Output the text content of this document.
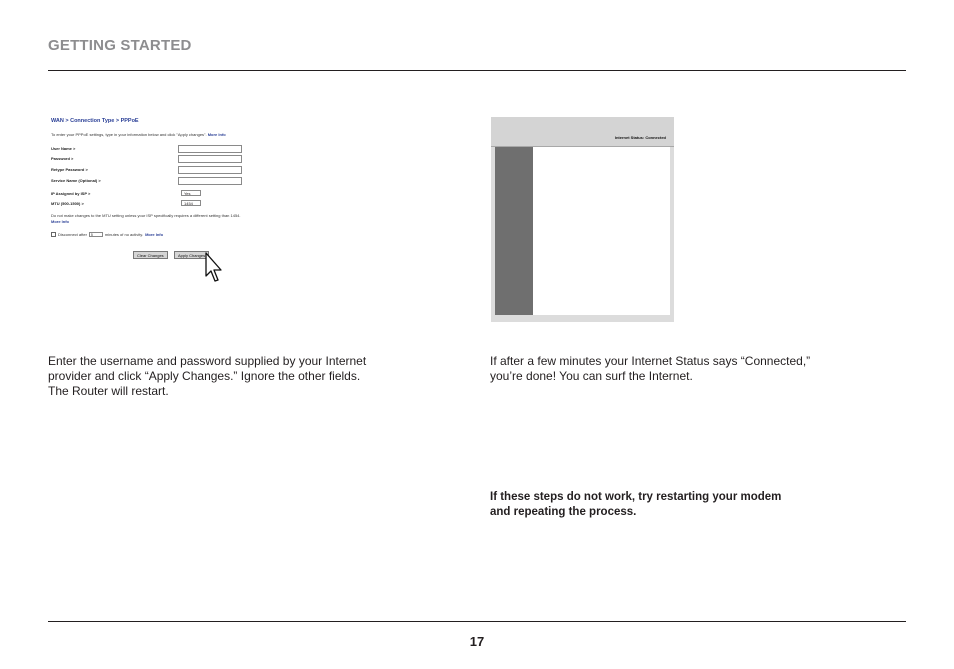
GETTING STARTED
WAN > Connection Type > PPPoE
To enter your PPPoE settings, type in your information below and click "Apply changes". More Info
User Name >
Password >
Retype Password >
Service Name (Optional) >
IP Assigned by ISP >	Yes
MTU (500-1500) >	1454
Do not make changes to the MTU setting unless your ISP specifically requires a different setting than 1454.
More Info
Disconnect after	5	minutes of no activity. More Info
Clear Changes	Apply Changes
Internet Status: Connected

Enter the username and password supplied by your Internet provider and click “Apply Changes.” Ignore the other fields. The Router will restart.

If after a few minutes your Internet Status says “Connected,” you’re done! You can surf the Internet.

If these steps do not work, try restarting your modem and repeating the process.

17
